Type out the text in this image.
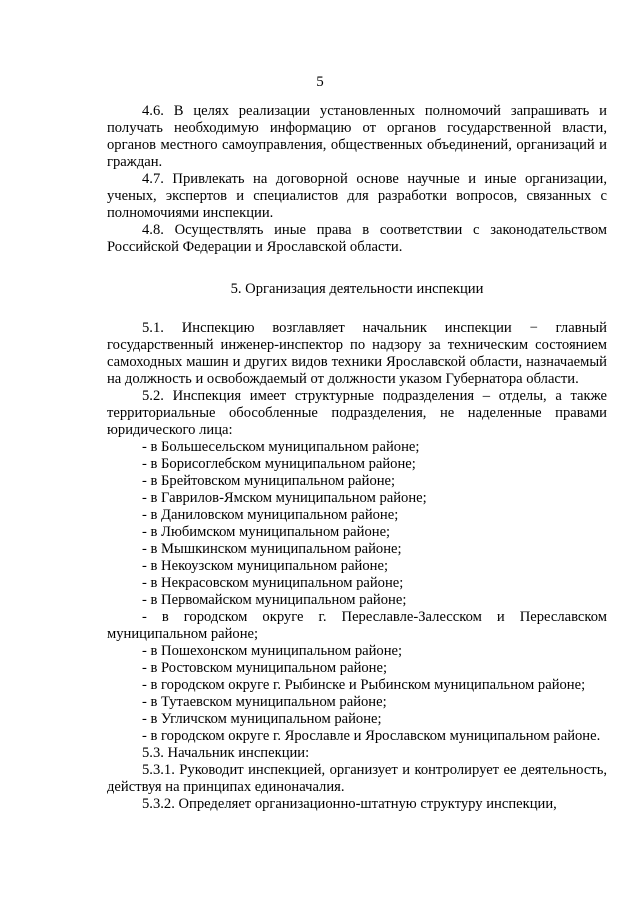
5

4.6. В целях реализации установленных полномочий запрашивать и получать необходимую информацию от органов государственной власти, органов местного самоуправления, общественных объединений, организаций и граждан.

4.7. Привлекать на договорной основе научные и иные организации, ученых, экспертов и специалистов для разработки вопросов, связанных с полномочиями инспекции.

4.8. Осуществлять иные права в соответствии с законодательством Российской Федерации и Ярославской области.

5. Организация деятельности инспекции

5.1. Инспекцию возглавляет начальник инспекции − главный государственный инженер-инспектор по надзору за техническим состоянием самоходных машин и других видов техники Ярославской области, назначаемый на должность и освобождаемый от должности указом Губернатора области.

5.2. Инспекция имеет структурные подразделения – отделы, а также территориальные обособленные подразделения, не наделенные правами юридического лица:

- в Большесельском муниципальном районе;

- в Борисоглебском муниципальном районе;

- в Брейтовском муниципальном районе;

- в Гаврилов-Ямском муниципальном районе;

- в Даниловском муниципальном районе;

- в Любимском муниципальном районе;

- в Мышкинском муниципальном районе;

- в Некоузском муниципальном районе;

- в Некрасовском муниципальном районе;

- в Первомайском муниципальном районе;

- в городском округе г. Переславле-Залесском и Переславском муниципальном районе;

- в Пошехонском муниципальном районе;

- в Ростовском муниципальном районе;

- в городском округе г. Рыбинске и Рыбинском муниципальном районе;

- в Тутаевском муниципальном районе;

- в Угличском муниципальном районе;

- в городском округе г. Ярославле и Ярославском муниципальном районе.

5.3. Начальник инспекции:

5.3.1. Руководит инспекцией, организует и контролирует ее деятельность, действуя на принципах единоначалия.

5.3.2. Определяет организационно-штатную структуру инспекции,
